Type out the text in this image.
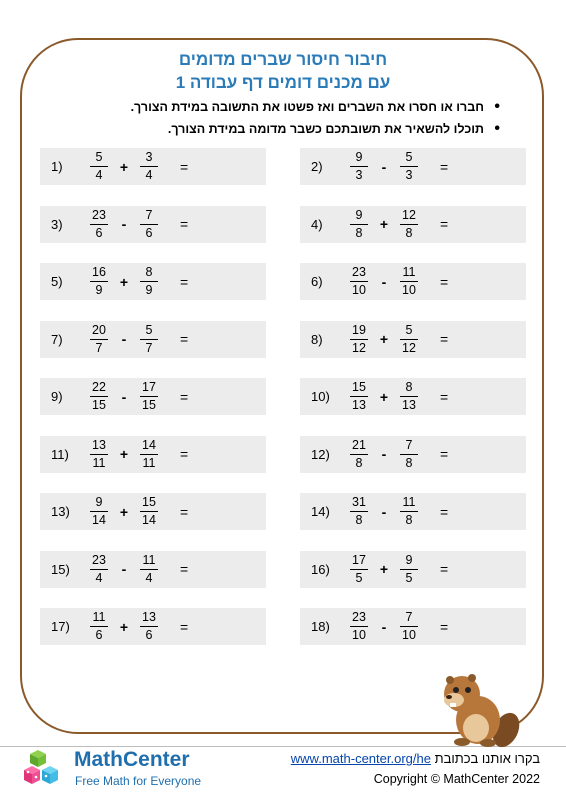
חיבור חיסור שברים מדומים
עם מכנים דומים דף עבודה 1
• חברו או חסרו את השברים ואז פשטו את התשובה במידת הצורך.
• תוכלו להשאיר את תשובתכם כשבר מדומה במידת הצורך.
1)	$\frac{5}{4} + \frac{3}{4}$ =	2)	$\frac{9}{3} - \frac{5}{3}$ =
3)	$\frac{23}{6} - \frac{7}{6}$ =	4)	$\frac{9}{8} + \frac{12}{8}$ =
5)	$\frac{16}{9} + \frac{8}{9}$ =	6)	$\frac{23}{10} - \frac{11}{10}$ =
7)	$\frac{20}{7} - \frac{5}{7}$ =	8)	$\frac{19}{12} + \frac{5}{12}$ =
9)	$\frac{22}{15} - \frac{17}{15}$ =	10)	$\frac{15}{13} + \frac{8}{13}$ =
11)	$\frac{13}{11} + \frac{14}{11}$ =	12)	$\frac{21}{8} - \frac{7}{8}$ =
13)	$\frac{9}{14} + \frac{15}{14}$ =	14)	$\frac{31}{8} - \frac{11}{8}$ =
15)	$\frac{23}{4} - \frac{11}{4}$ =	16)	$\frac{17}{5} + \frac{9}{5}$ =
17)	$\frac{11}{6} + \frac{13}{6}$ =	18)	$\frac{23}{10} - \frac{7}{10}$ =
MathCenter
Free Math for Everyone
בקרו אותנו בכתובת www.math-center.org/he
Copyright © MathCenter 2022
